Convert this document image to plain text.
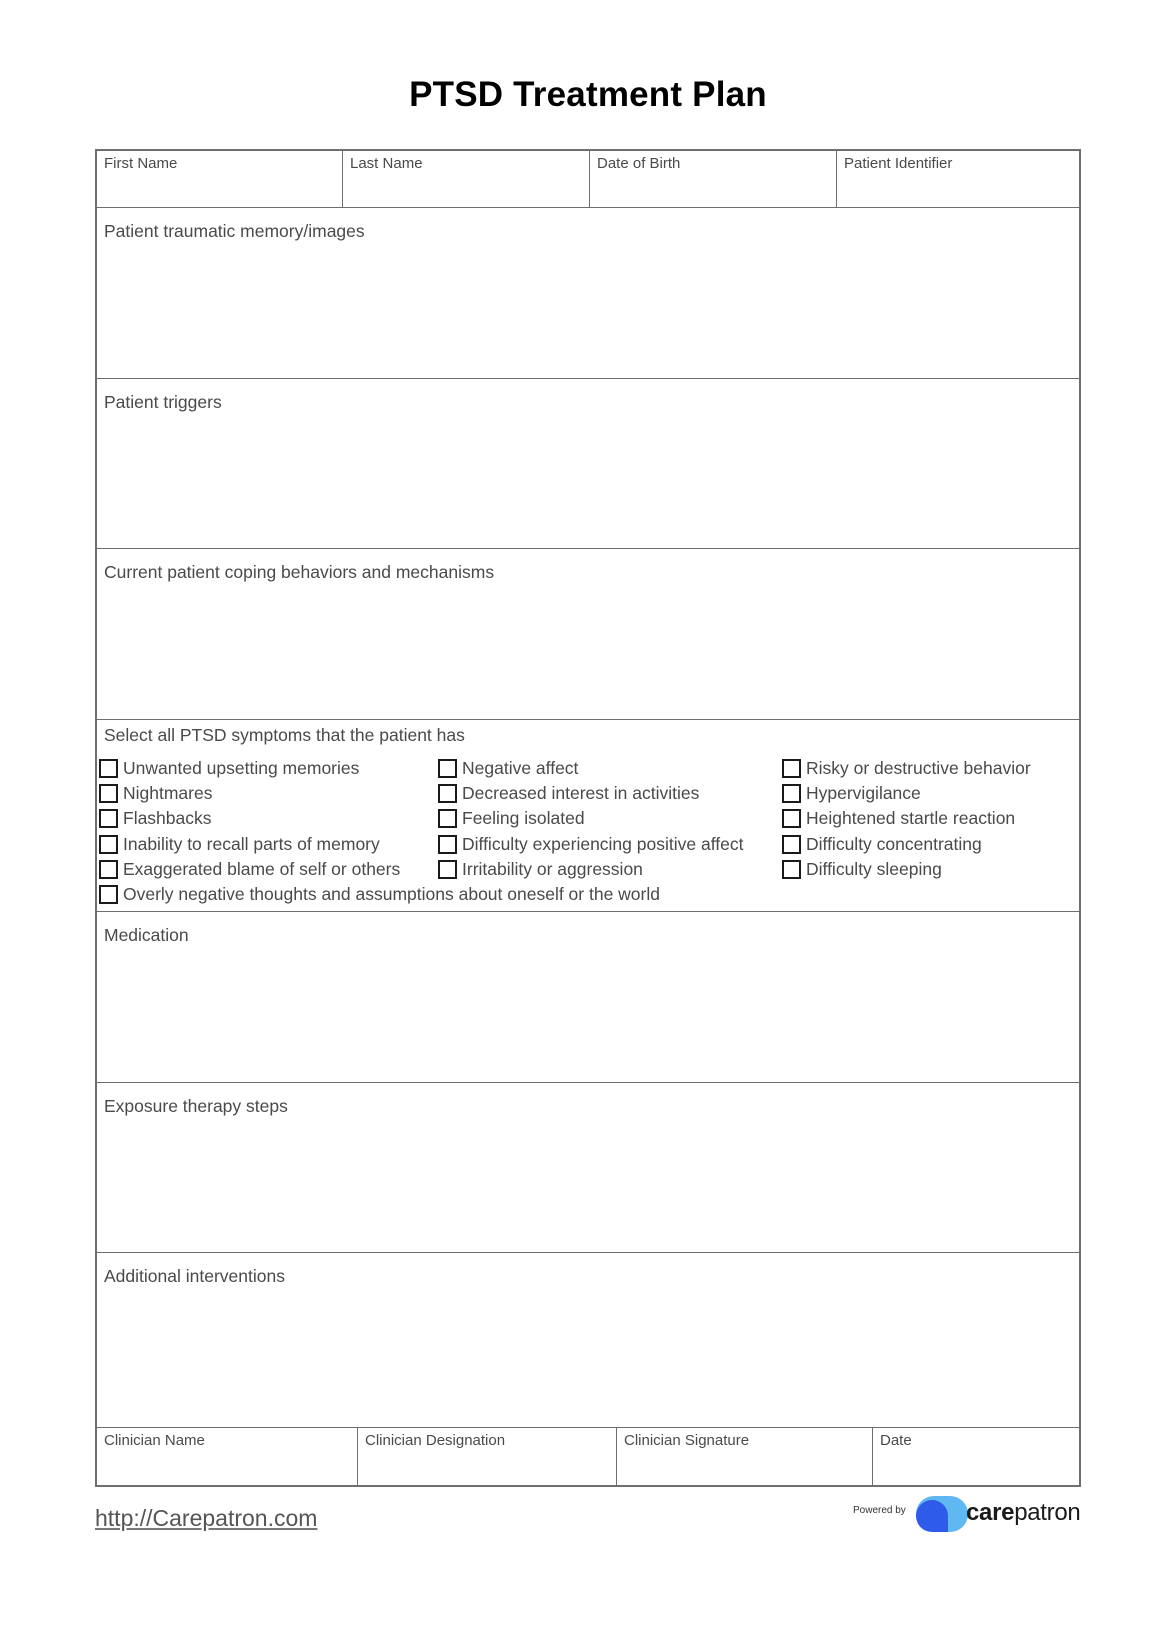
PTSD Treatment Plan
First Name	Last Name	Date of Birth	Patient Identifier
Patient traumatic memory/images
Patient triggers
Current patient coping behaviors and mechanisms
Select all PTSD symptoms that the patient has
Unwanted upsetting memories
Nightmares
Flashbacks
Inability to recall parts of memory
Exaggerated blame of self or others
Negative affect
Decreased interest in activities
Feeling isolated
Difficulty experiencing positive affect
Irritability or aggression
Risky or destructive behavior
Hypervigilance
Heightened startle reaction
Difficulty concentrating
Difficulty sleeping
Overly negative thoughts and assumptions about oneself or the world
Medication
Exposure therapy steps
Additional interventions
Clinician Name	Clinician Designation	Clinician Signature	Date
http://Carepatron.com	Powered by	carepatron
